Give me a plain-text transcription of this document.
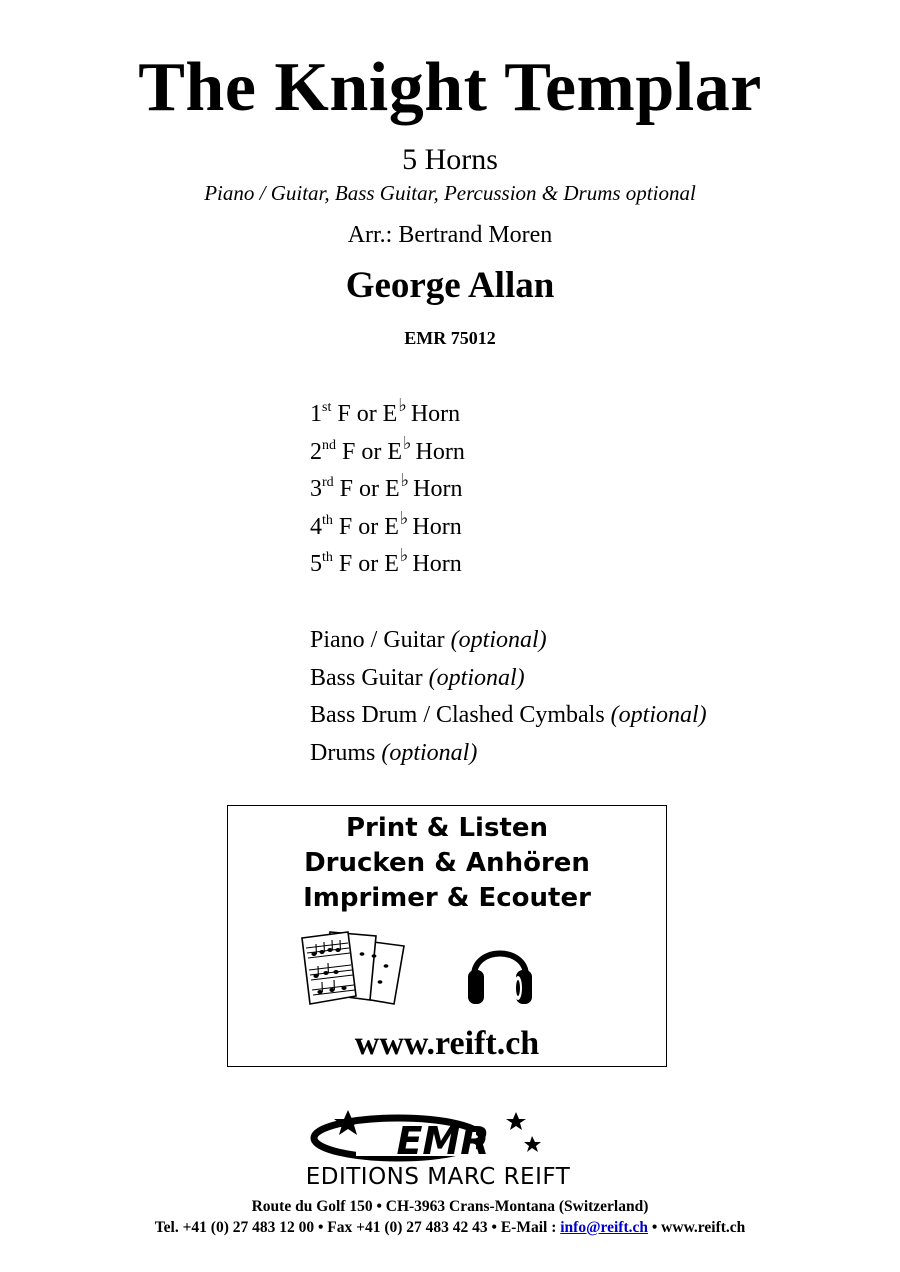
The Knight Templar
5 Horns
Piano / Guitar, Bass Guitar, Percussion & Drums optional
Arr.: Bertrand Moren
George Allan
EMR 75012
1st F or E♭ Horn
2nd F or E♭ Horn
3rd F or E♭ Horn
4th F or E♭ Horn
5th F or E♭ Horn
Piano / Guitar (optional)
Bass Guitar (optional)
Bass Drum / Clashed Cymbals (optional)
Drums (optional)
Print & Listen
Drucken & Anhören
Imprimer & Ecouter
www.reift.ch
EMR
EDITIONS MARC REIFT
Route du Golf 150 • CH-3963 Crans-Montana (Switzerland)
Tel. +41 (0) 27 483 12 00 • Fax +41 (0) 27 483 42 43 • E-Mail : info@reift.ch • www.reift.ch
